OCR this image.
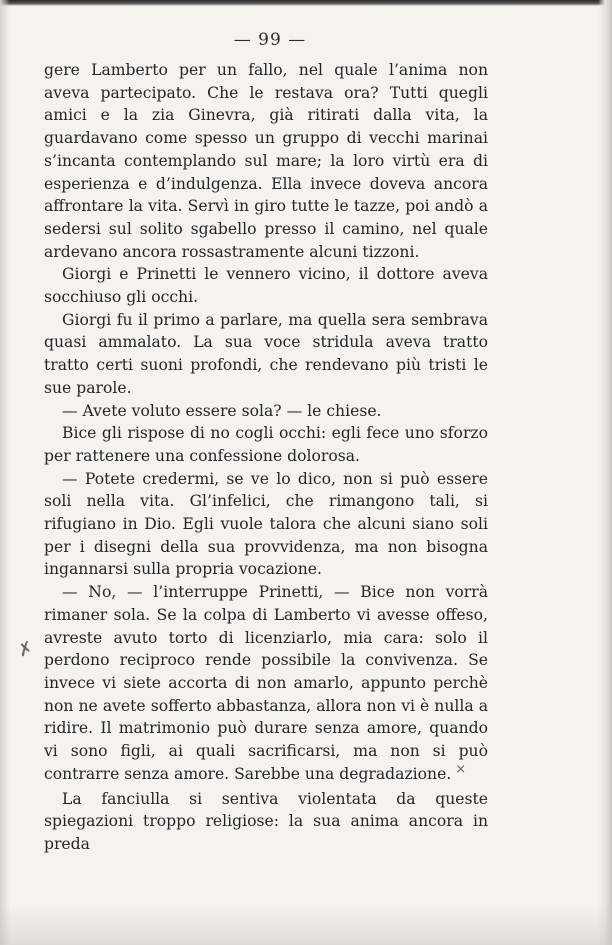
— 99 —
✗

gere Lamberto per un fallo, nel quale l’anima non aveva partecipato. Che le restava ora? Tutti quegli amici e la zia Ginevra, già ritirati dalla vita, la guardavano come spesso un gruppo di vecchi marinai s’incanta contemplando sul mare; la loro virtù era di esperienza e d’indulgenza. Ella invece doveva ancora affrontare la vita. Servì in giro tutte le tazze, poi andò a sedersi sul solito sgabello presso il camino, nel quale ardevano ancora rossastramente alcuni tizzoni.

Giorgi e Prinetti le vennero vicino, il dottore aveva socchiuso gli occhi.

Giorgi fu il primo a parlare, ma quella sera sembrava quasi ammalato. La sua voce stridula aveva tratto tratto certi suoni profondi, che rendevano più tristi le sue parole.

— Avete voluto essere sola? — le chiese.

Bice gli rispose di no cogli occhi: egli fece uno sforzo per rattenere una confessione dolorosa.

— Potete credermi, se ve lo dico, non si può essere soli nella vita. Gl’infelici, che rimangono tali, si rifugiano in Dio. Egli vuole talora che alcuni siano soli per i disegni della sua provvidenza, ma non bisogna ingannarsi sulla propria vocazione.

— No, — l’interruppe Prinetti, — Bice non vorrà rimaner sola. Se la colpa di Lamberto vi avesse offeso, avreste avuto torto di licenziarlo, mia cara: solo il perdono reciproco rende possibile la convivenza. Se invece vi siete accorta di non amarlo, appunto perchè non ne avete sofferto abbastanza, allora non vi è nulla a ridire. Il matrimonio può durare senza amore, quando vi sono figli, ai quali sacrificarsi, ma non si può contrarre senza amore. Sarebbe una degradazione. ×

La fanciulla si sentiva violentata da queste spiegazioni troppo religiose: la sua anima ancora in preda
